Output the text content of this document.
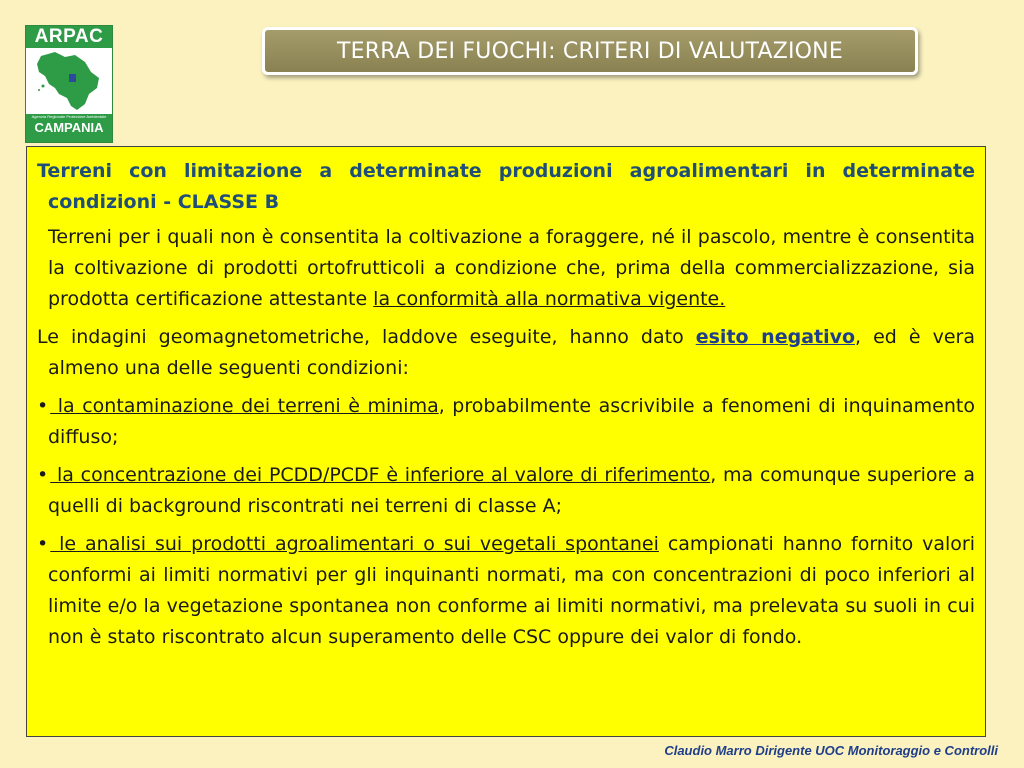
ARPAC
Agenzia Regionale Protezione Ambientale
CAMPANIA
TERRA DEI FUOCHI: CRITERI DI VALUTAZIONE

Terreni con limitazione a determinate produzioni agroalimentari in determinate condizioni - CLASSE B

Terreni per i quali non è consentita la coltivazione a foraggere, né il pascolo, mentre è consentita la coltivazione di prodotti ortofrutticoli a condizione che, prima della commercializzazione, sia prodotta certificazione attestante la conformità alla normativa vigente.

Le indagini geomagnetometriche, laddove eseguite, hanno dato esito negativo, ed è vera almeno una delle seguenti condizioni:

• la contaminazione dei terreni è minima, probabilmente ascrivibile a fenomeni di inquinamento diffuso;

• la concentrazione dei PCDD/PCDF è inferiore al valore di riferimento, ma comunque superiore a quelli di background riscontrati nei terreni di classe A;

• le analisi sui prodotti agroalimentari o sui vegetali spontanei campionati hanno fornito valori conformi ai limiti normativi per gli inquinanti normati, ma con concentrazioni di poco inferiori al limite e/o la vegetazione spontanea non conforme ai limiti normativi, ma prelevata su suoli in cui non è stato riscontrato alcun superamento delle CSC oppure dei valor di fondo.

Claudio Marro Dirigente UOC Monitoraggio e Controlli
